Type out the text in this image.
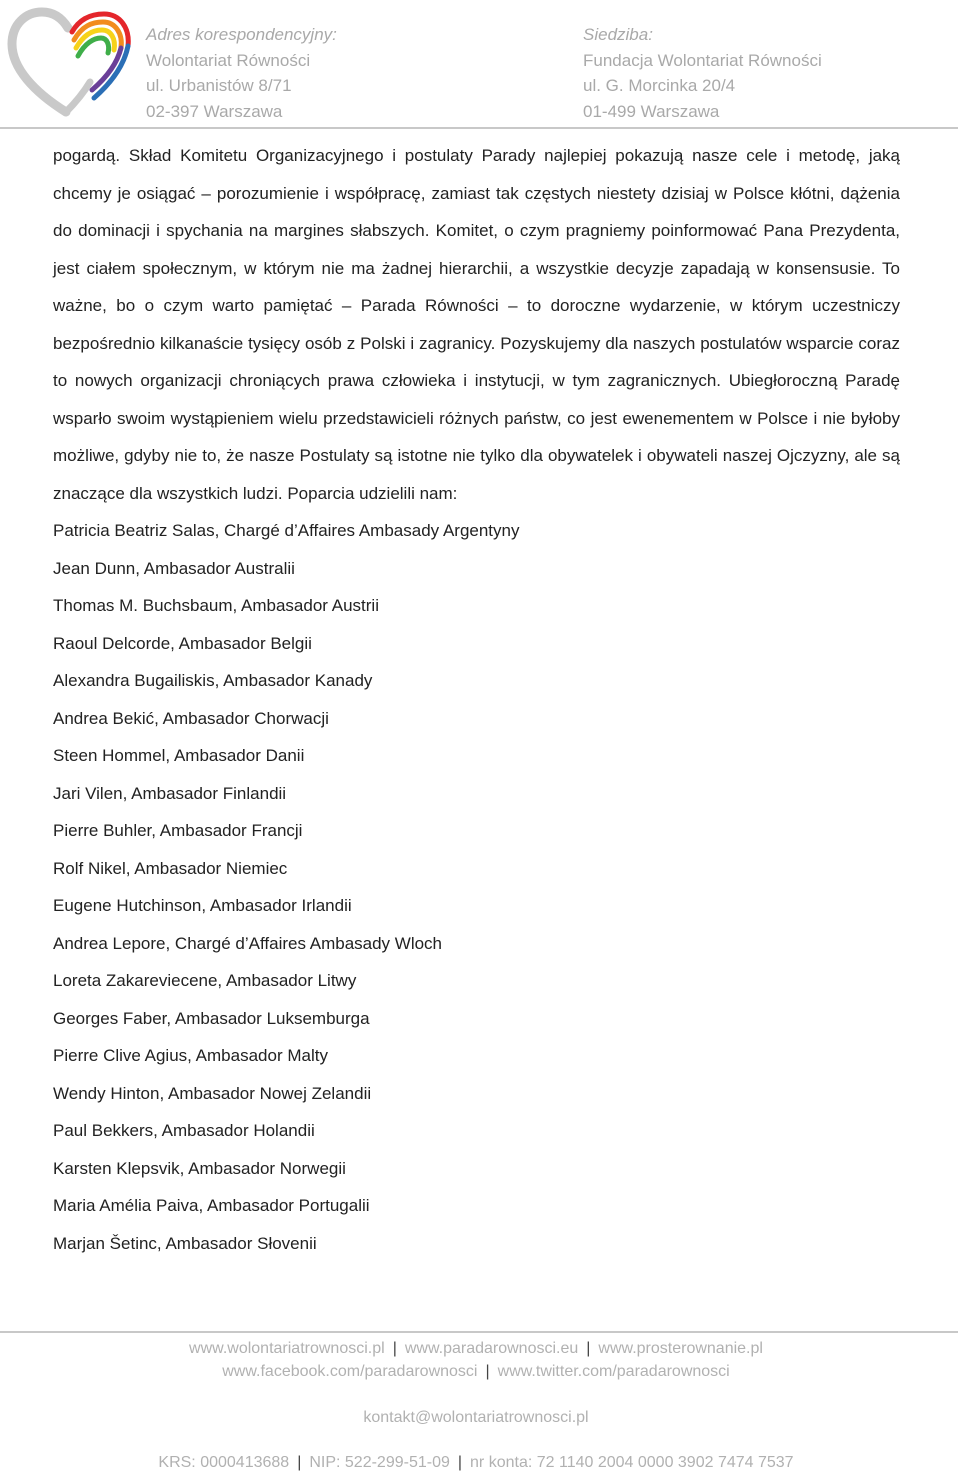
Adres korespondencyjny:
Wolontariat Równości
ul. Urbanistów 8/71
02-397 Warszawa
Siedziba:
Fundacja Wolontariat Równości
ul. G. Morcinka 20/4
01-499 Warszawa

pogardą. Skład Komitetu Organizacyjnego i postulaty Parady najlepiej pokazują nasze cele i metodę, jaką chcemy je osiągać – porozumienie i współpracę, zamiast tak częstych niestety dzisiaj w Polsce kłótni, dążenia do dominacji i spychania na margines słabszych. Komitet, o czym pragniemy poinformować Pana Prezydenta, jest ciałem społecznym, w którym nie ma żadnej hierarchii, a wszystkie decyzje zapadają w konsensusie. To ważne, bo o czym warto pamiętać – Parada Równości – to doroczne wydarzenie, w którym uczestniczy bezpośrednio kilkanaście tysięcy osób z Polski i zagranicy. Pozyskujemy dla naszych postulatów wsparcie coraz to nowych organizacji chroniących prawa człowieka i instytucji, w tym zagranicznych. Ubiegłoroczną Paradę wsparło swoim wystąpieniem wielu przedstawicieli różnych państw, co jest ewenementem w Polsce i nie byłoby możliwe, gdyby nie to, że nasze Postulaty są istotne nie tylko dla obywatelek i obywateli naszej Ojczyzny, ale są znaczące dla wszystkich ludzi. Poparcia udzielili nam:

Patricia Beatriz Salas, Chargé d’Affaires Ambasady Argentyny
Jean Dunn, Ambasador Australii
Thomas M. Buchsbaum, Ambasador Austrii
Raoul Delcorde, Ambasador Belgii
Alexandra Bugailiskis, Ambasador Kanady
Andrea Bekić, Ambasador Chorwacji
Steen Hommel, Ambasador Danii
Jari Vilen, Ambasador Finlandii
Pierre Buhler, Ambasador Francji
Rolf Nikel, Ambasador Niemiec
Eugene Hutchinson, Ambasador Irlandii
Andrea Lepore, Chargé d’Affaires Ambasady Wloch
Loreta Zakareviecene, Ambasador Litwy
Georges Faber, Ambasador Luksemburga
Pierre Clive Agius, Ambasador Malty
Wendy Hinton, Ambasador Nowej Zelandii
Paul Bekkers, Ambasador Holandii
Karsten Klepsvik, Ambasador Norwegii
Maria Amélia Paiva, Ambasador Portugalii
Marjan Šetinc, Ambasador Słovenii
www.wolontariatrownosci.pl | www.paradarownosci.eu | www.prosterownanie.pl
www.facebook.com/paradarownosci | www.twitter.com/paradarownosci
kontakt@wolontariatrownosci.pl
KRS: 0000413688 | NIP: 522-299-51-09 | nr konta: 72 1140 2004 0000 3902 7474 7537
